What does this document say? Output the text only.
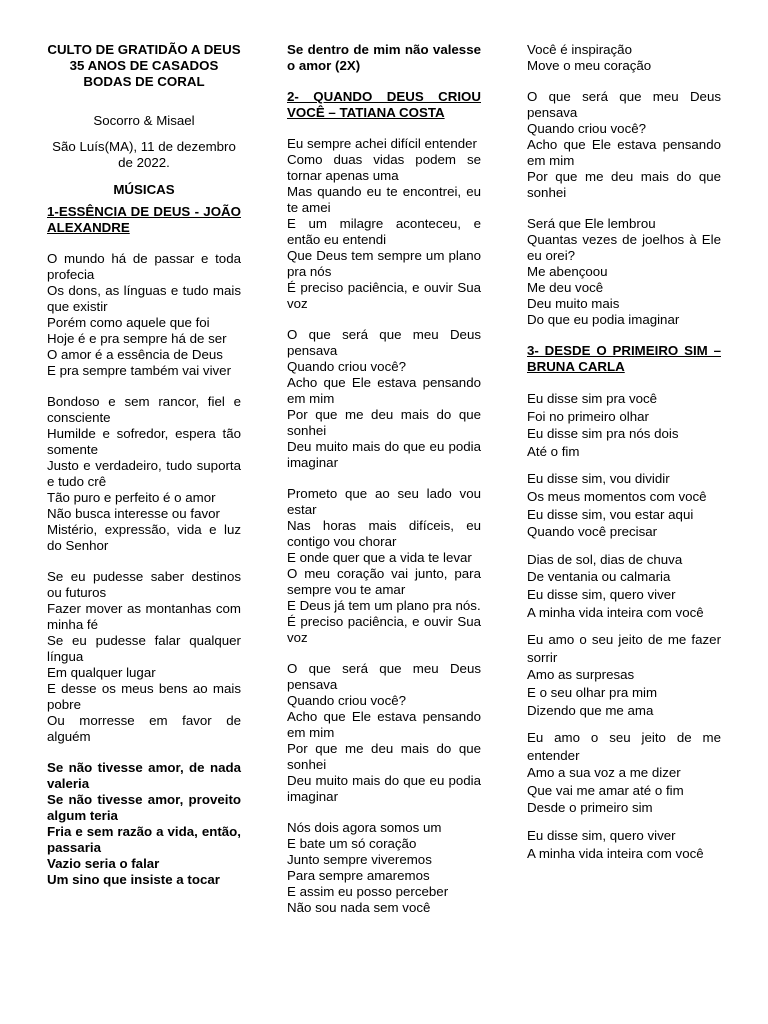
CULTO DE GRATIDÃO A DEUS
35 ANOS DE CASADOS
BODAS DE CORAL
Socorro & Misael
São Luís(MA), 11 de dezembro de 2022.
MÚSICAS
1-ESSÊNCIA DE DEUS - JOÃO ALEXANDRE
O mundo há de passar e toda profecia
Os dons, as línguas e tudo mais que existir
Porém como aquele que foi
Hoje é e pra sempre há de ser
O amor é a essência de Deus
E pra sempre também vai viver
Bondoso e sem rancor, fiel e consciente
Humilde e sofredor, espera tão somente
Justo e verdadeiro, tudo suporta e tudo crê
Tão puro e perfeito é o amor
Não busca interesse ou favor
Mistério, expressão, vida e luz do Senhor
Se eu pudesse saber destinos ou futuros
Fazer mover as montanhas com minha fé
Se eu pudesse falar qualquer língua
Em qualquer lugar
E desse os meus bens ao mais pobre
Ou morresse em favor de alguém
Se não tivesse amor, de nada valeria
Se não tivesse amor, proveito algum teria
Fria e sem razão a vida, então, passaria
Vazio seria o falar
Um sino que insiste a tocar
Se dentro de mim não valesse o amor (2X)
2- QUANDO DEUS CRIOU VOCÊ – TATIANA COSTA
Eu sempre achei difícil entender
Como duas vidas podem se tornar apenas uma
Mas quando eu te encontrei, eu te amei
E um milagre aconteceu, e então eu entendi
Que Deus tem sempre um plano pra nós
É preciso paciência, e ouvir Sua voz
O que será que meu Deus pensava
Quando criou você?
Acho que Ele estava pensando em mim
Por que me deu mais do que sonhei
Deu muito mais do que eu podia imaginar
Prometo que ao seu lado vou estar
Nas horas mais difíceis, eu contigo vou chorar
E onde quer que a vida te levar
O meu coração vai junto, para sempre vou te amar
E Deus já tem um plano pra nós.
É preciso paciência, e ouvir Sua voz
O que será que meu Deus pensava
Quando criou você?
Acho que Ele estava pensando em mim
Por que me deu mais do que sonhei
Deu muito mais do que eu podia imaginar
Nós dois agora somos um
E bate um só coração
Junto sempre viveremos
Para sempre amaremos
E assim eu posso perceber
Não sou nada sem você
Você é inspiração
Move o meu coração
O que será que meu Deus pensava
Quando criou você?
Acho que Ele estava pensando em mim
Por que me deu mais do que sonhei
Será que Ele lembrou
Quantas vezes de joelhos à Ele eu orei?
Me abençoou
Me deu você
Deu muito mais
Do que eu podia imaginar
3- DESDE O PRIMEIRO SIM – BRUNA CARLA
Eu disse sim pra você
Foi no primeiro olhar
Eu disse sim pra nós dois
Até o fim
Eu disse sim, vou dividir
Os meus momentos com você
Eu disse sim, vou estar aqui
Quando você precisar
Dias de sol, dias de chuva
De ventania ou calmaria
Eu disse sim, quero viver
A minha vida inteira com você
Eu amo o seu jeito de me fazer sorrir
Amo as surpresas
E o seu olhar pra mim
Dizendo que me ama
Eu amo o seu jeito de me entender
Amo a sua voz a me dizer
Que vai me amar até o fim
Desde o primeiro sim
Eu disse sim, quero viver
A minha vida inteira com você
